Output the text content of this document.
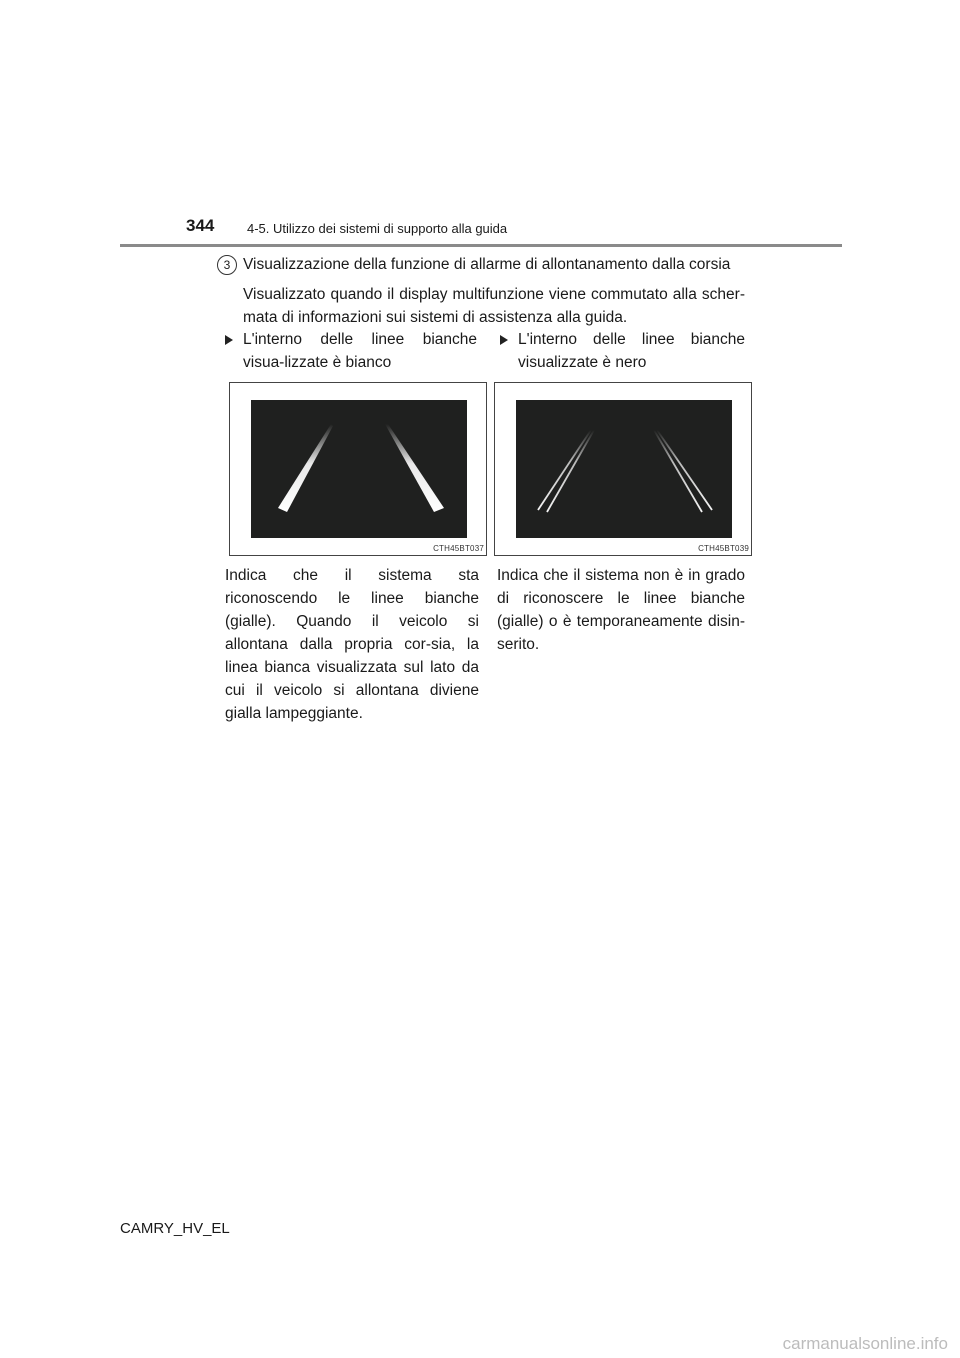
344	4-5. Utilizzo dei sistemi di supporto alla guida
3 Visualizzazione della funzione di allarme di allontanamento dalla corsia
Visualizzato quando il display multifunzione viene commutato alla scher-mata di informazioni sui sistemi di assistenza alla guida.
L'interno delle linee bianche visua-lizzate è bianco
L'interno delle linee bianche visualizzate è nero
CTH45BT037	CTH45BT039
Indica che il sistema sta riconoscendo le linee bianche (gialle). Quando il veicolo si allontana dalla propria cor-sia, la linea bianca visualizzata sul lato da cui il veicolo si allontana diviene gialla lampeggiante.
Indica che il sistema non è in grado di riconoscere le linee bianche (gialle) o è temporaneamente disin-serito.
CAMRY_HV_EL
carmanualsonline.info
